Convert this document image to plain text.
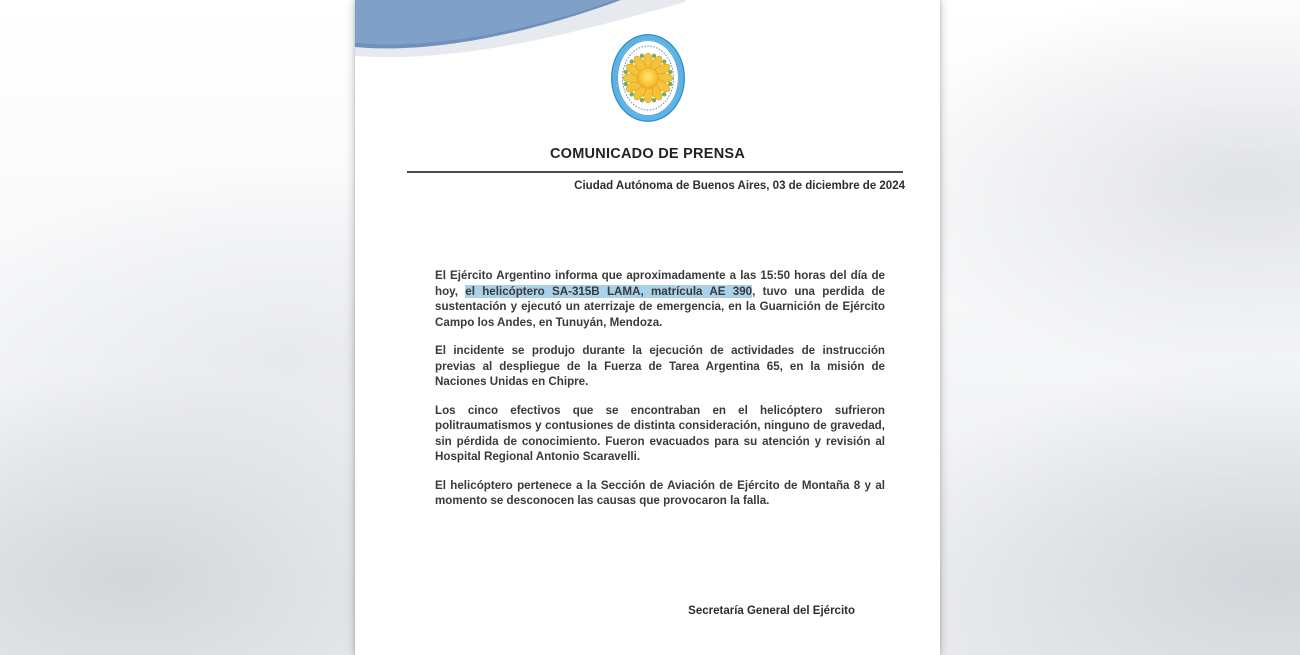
COMUNICADO DE PRENSA
Ciudad Autónoma de Buenos Aires, 03 de diciembre de 2024

El Ejército Argentino informa que aproximadamente a las 15:50 horas del día de hoy, el helicóptero SA-315B LAMA, matrícula AE 390, tuvo una perdida de sustentación y ejecutó un aterrizaje de emergencia, en la Guarnición de Ejército Campo los Andes, en Tunuyán, Mendoza.

El incidente se produjo durante la ejecución de actividades de instrucción previas al despliegue de la Fuerza de Tarea Argentina 65, en la misión de Naciones Unidas en Chipre.

Los cinco efectivos que se encontraban en el helicóptero sufrieron politraumatismos y contusiones de distinta consideración, ninguno de gravedad, sin pérdida de conocimiento. Fueron evacuados para su atención y revisión al Hospital Regional Antonio Scaravelli.

El helicóptero pertenece a la Sección de Aviación de Ejército de Montaña 8 y al momento se desconocen las causas que provocaron la falla.

Secretaría General del Ejército
